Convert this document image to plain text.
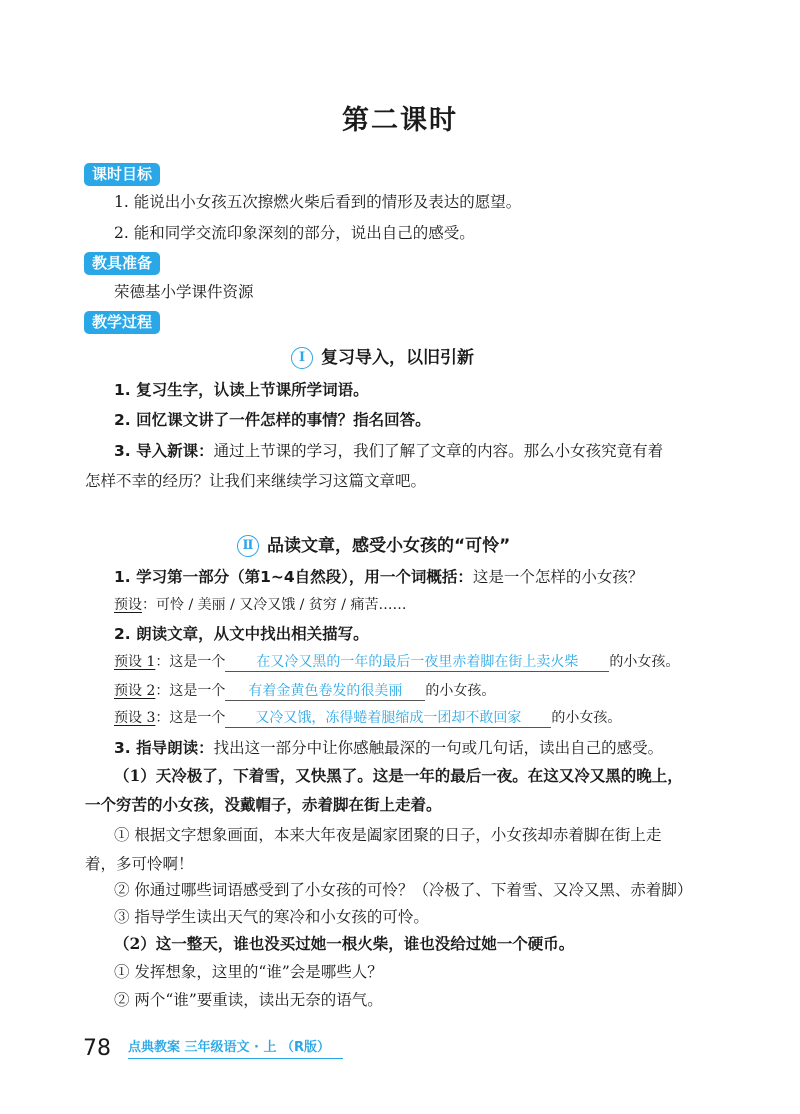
第二课时
课时目标
1. 能说出小女孩五次擦燃火柴后看到的情形及表达的愿望。
2. 能和同学交流印象深刻的部分，说出自己的感受。
教具准备
荣德基小学课件资源
教学过程
Ⅰ 复习导入，以旧引新
1. 复习生字，认读上节课所学词语。
2. 回忆课文讲了一件怎样的事情？指名回答。
3. 导入新课：通过上节课的学习，我们了解了文章的内容。那么小女孩究竟有着
怎样不幸的经历？让我们来继续学习这篇文章吧。
Ⅱ 品读文章，感受小女孩的“可怜”
1. 学习第一部分（第1~4自然段），用一个词概括：这是一个怎样的小女孩？
预设：可怜 / 美丽 / 又冷又饿 / 贫穷 / 痛苦……
2. 朗读文章，从文中找出相关描写。
预设 1：这是一个 在又冷又黑的一年的最后一夜里赤着脚在街上卖火柴 的小女孩。
预设 2：这是一个 有着金黄色卷发的很美丽 的小女孩。
预设 3：这是一个 又冷又饿，冻得蜷着腿缩成一团却不敢回家 的小女孩。
3. 指导朗读：找出这一部分中让你感触最深的一句或几句话，读出自己的感受。
（1）天冷极了，下着雪，又快黑了。这是一年的最后一夜。在这又冷又黑的晚上，
一个穷苦的小女孩，没戴帽子，赤着脚在街上走着。
① 根据文字想象画面，本来大年夜是阖家团聚的日子，小女孩却赤着脚在街上走
着，多可怜啊！
② 你通过哪些词语感受到了小女孩的可怜？（冷极了、下着雪、又冷又黑、赤着脚）
③ 指导学生读出天气的寒冷和小女孩的可怜。
（2）这一整天，谁也没买过她一根火柴，谁也没给过她一个硬币。
① 发挥想象，这里的“谁”会是哪些人？
② 两个“谁”要重读，读出无奈的语气。
78 点典教案 三年级语文 · 上 （R版）
